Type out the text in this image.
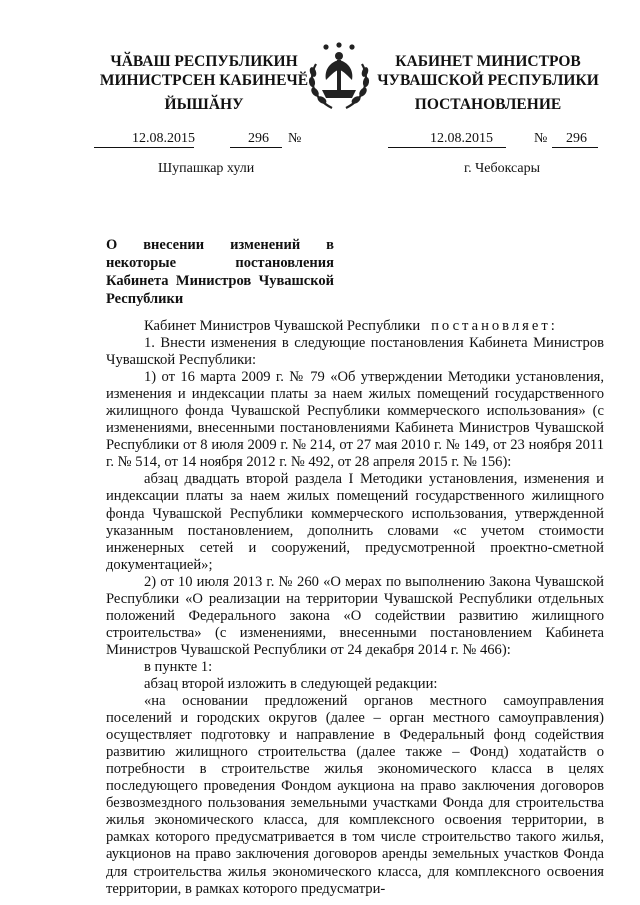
ЧӐВАШ РЕСПУБЛИКИН
МИНИСТРСЕН КАБИНЕЧӖ
КАБИНЕТ МИНИСТРОВ
ЧУВАШСКОЙ РЕСПУБЛИКИ
ЙЫШӐНУ	ПОСТАНОВЛЕНИЕ
12.08.2015	296 №	12.08.2015	№ 296
Шупашкар хули	г. Чебоксары
О внесении изменений в некоторые постановления Кабинета Министров Чувашской Республики

Кабинет Министров Чувашской Республики постановляет:

1. Внести изменения в следующие постановления Кабинета Министров Чувашской Республики:

1) от 16 марта 2009 г. № 79 «Об утверждении Методики установления, изменения и индексации платы за наем жилых помещений государственного жилищного фонда Чувашской Республики коммерческого использования» (с изменениями, внесенными постановлениями Кабинета Министров Чувашской Республики от 8 июля 2009 г. № 214, от 27 мая 2010 г. № 149, от 23 ноября 2011 г. № 514, от 14 ноября 2012 г. № 492, от 28 апреля 2015 г. № 156):

абзац двадцать второй раздела I Методики установления, изменения и индексации платы за наем жилых помещений государственного жилищного фонда Чувашской Республики коммерческого использования, утвержденной указанным постановлением, дополнить словами «с учетом стоимости инженерных сетей и сооружений, предусмотренной проектно-сметной документацией»;

2) от 10 июля 2013 г. № 260 «О мерах по выполнению Закона Чувашской Республики «О реализации на территории Чувашской Республики отдельных положений Федерального закона «О содействии развитию жилищного строительства» (с изменениями, внесенными постановлением Кабинета Министров Чувашской Республики от 24 декабря 2014 г. № 466):

в пункте 1:

абзац второй изложить в следующей редакции:

«на основании предложений органов местного самоуправления поселений и городских округов (далее – орган местного самоуправления) осуществляет подготовку и направление в Федеральный фонд содействия развитию жилищного строительства (далее также – Фонд) ходатайств о потребности в строительстве жилья экономического класса в целях последующего проведения Фондом аукциона на право заключения договоров безвозмездного пользования земельными участками Фонда для строительства жилья экономического класса, для комплексного освоения территории, в рамках которого предусматривается в том числе строительство такого жилья, аукционов на право заключения договоров аренды земельных участков Фонда для строительства жилья экономического класса, для комплексного освоения территории, в рамках которого предусматри-
